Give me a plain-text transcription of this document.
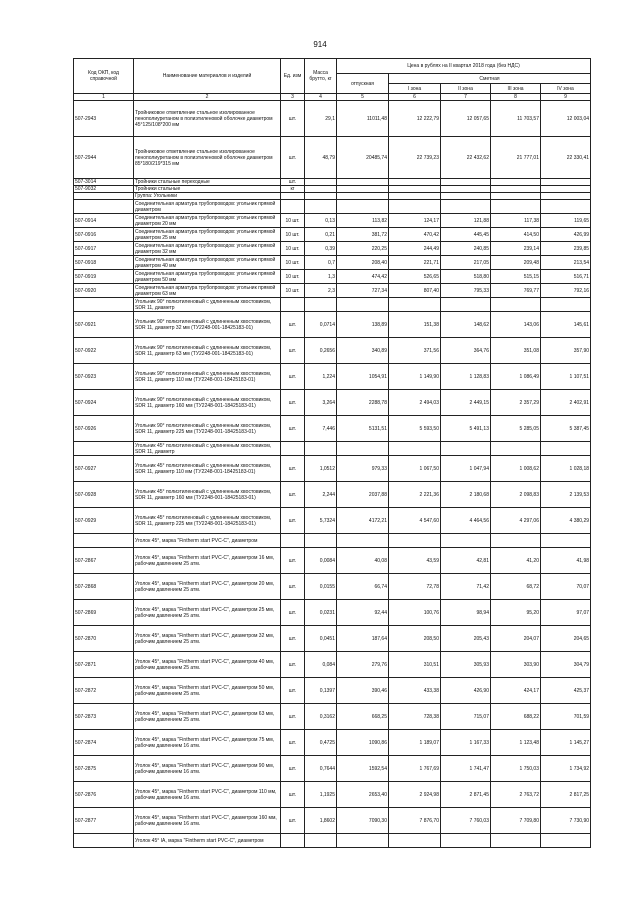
914
Код ОКП, код справочной	Наименование материалов и изделий	Ед. изм	Масса брутто, кг	Цена в рублях на II квартал 2018 года (без НДС)				
				отпускная	Сметная			
					I зона	II зона	III зона	IV зона
1	2	3	4	5	6	7	8	9
507-2943	Тройниковое ответвление стальное изолированное пенополиуретаном в полиэтиленовой оболочке диаметром 45°125/108*200 мм	шт.	29,1	11011,48	12 222,79	12 057,65	11 703,57	12 003,04
507-2944	Тройниковое ответвление стальное изолированное пенополиуретаном в полиэтиленовой оболочке диаметром 85*180/219*315 мм	шт.	48,79	20485,74	22 739,23	22 432,62	21 777,01	22 330,41
507-3014	Тройники стальные переходные	шт.						
507-9032	Тройники стальные	кг						
	Группа: Угольники							
	Соединительная арматура трубопроводов: угольник прямой диаметром							
507-0914	Соединительная арматура трубопроводов: угольник прямой диаметром 20 мм	10 шт.	0,13	113,82	124,17	121,88	117,38	119,65
507-0916	Соединительная арматура трубопроводов: угольник прямой диаметром 25 мм	10 шт.	0,21	381,72	470,42	445,45	414,50	426,99
507-0917	Соединительная арматура трубопроводов: угольник прямой диаметром 32 мм	10 шт.	0,39	220,25	244,49	240,85	239,14	239,85
507-0918	Соединительная арматура трубопроводов: угольник прямой диаметром 40 мм	10 шт.	0,7	208,40	221,71	217,05	209,48	213,54
507-0919	Соединительная арматура трубопроводов: угольник прямой диаметром 50 мм	10 шт.	1,3	474,42	526,65	518,80	515,15	516,71
507-0920	Соединительная арматура трубопроводов: угольник прямой диаметром 63 мм	10 шт.	2,3	727,34	807,40	795,33	769,77	792,16
	Угольник 90° полиэтиленовый с удлиненным хвостовиком, SDR 11, диаметр							
507-0921	Угольник 90° полиэтиленовый с удлиненным хвостовиком, SDR 11, диаметр 32 мм (ТУ2248-001-18425183-01)	шт.	0,0714	138,89	151,38	148,62	143,06	145,61
507-0922	Угольник 90° полиэтиленовый с удлиненным хвостовиком, SDR 11, диаметр 63 мм (ТУ2248-001-18425183-01)	шт.	0,2656	340,89	371,56	364,76	351,08	357,90
507-0923	Угольник 90° полиэтиленовый с удлиненным хвостовиком, SDR 11, диаметр 110 мм (ТУ2248-001-18425183-01)	шт.	1,224	1054,91	1 149,90	1 128,83	1 086,49	1 107,51
507-0924	Угольник 90° полиэтиленовый с удлиненным хвостовиком, SDR 11, диаметр 160 мм (ТУ2248-001-18425183-01)	шт.	3,264	2288,78	2 494,03	2 449,15	2 357,29	2 402,91
507-0926	Угольник 90° полиэтиленовый с удлиненным хвостовиком, SDR 11, диаметр 225 мм (ТУ2248-001-18425183-01)	шт.	7,446	5131,51	5 593,50	5 491,13	5 285,05	5 387,45
	Угольник 45° полиэтиленовый с удлиненным хвостовиком, SDR 11, диаметр							
507-0927	Угольник 45° полиэтиленовый с удлиненным хвостовиком, SDR 11, диаметр 110 мм (ТУ2248-001-18425183-01)	шт.	1,0512	979,33	1 067,50	1 047,94	1 008,62	1 028,18
507-0928	Угольник 45° полиэтиленовый с удлиненным хвостовиком, SDR 11, диаметр 160 мм (ТУ2248-001-18425183-01)	шт.	2,244	2037,88	2 221,36	2 180,68	2 098,83	2 139,53
507-0929	Угольник 45° полиэтиленовый с удлиненным хвостовиком, SDR 11, диаметр 225 мм (ТУ2248-001-18425183-01)	шт.	5,7324	4172,21	4 547,60	4 464,56	4 297,06	4 380,29
	Уголок 45°, марка "Fintherm start PVC-C", диаметром							
507-2867	Уголок 45°, марка "Fintherm start PVC-C", диаметром 16 мм, рабочим давлением 25 атм.	шт.	0,0084	40,08	43,59	42,81	41,20	41,98
507-2868	Уголок 45°, марка "Fintherm start PVC-C", диаметром 20 мм, рабочим давлением 25 атм.	шт.	0,0155	66,74	72,78	71,42	68,72	70,07
507-2869	Уголок 45°, марка "Fintherm start PVC-C", диаметром 25 мм, рабочим давлением 25 атм.	шт.	0,0231	92,44	100,76	98,94	95,20	97,07
507-2870	Уголок 45°, марка "Fintherm start PVC-C", диаметром 32 мм, рабочим давлением 25 атм.	шт.	0,0451	187,64	208,50	205,43	204,07	204,65
507-2871	Уголок 45°, марка "Fintherm start PVC-C", диаметром 40 мм, рабочим давлением 25 атм.	шт.	0,084	279,76	310,51	305,93	303,90	304,79
507-2872	Уголок 45°, марка "Fintherm start PVC-C", диаметром 50 мм, рабочим давлением 25 атм.	шт.	0,1397	390,46	433,38	426,90	424,17	425,37
507-2873	Уголок 45°, марка "Fintherm start PVC-C", диаметром 63 мм, рабочим давлением 25 атм.	шт.	0,3162	668,25	728,38	715,07	688,22	701,59
507-2874	Уголок 45°, марка "Fintherm start PVC-C", диаметром 75 мм, рабочим давлением 16 атм.	шт.	0,4725	1090,86	1 189,07	1 167,33	1 123,48	1 145,27
507-2875	Уголок 45°, марка "Fintherm start PVC-C", диаметром 90 мм, рабочим давлением 16 атм.	шт.	0,7644	1592,54	1 767,69	1 741,47	1 750,03	1 734,92
507-2876	Уголок 45°, марка "Fintherm start PVC-C", диаметром 110 мм, рабочим давлением 16 атм.	шт.	1,1925	2653,40	2 924,98	2 871,45	2 763,72	2 817,25
507-2877	Уголок 45°, марка "Fintherm start PVC-C", диаметром 160 мм, рабочим давлением 16 атм.	шт.	1,8602	7090,30	7 876,70	7 760,03	7 709,80	7 730,90
	Уголок 45° IA, марка "Fintherm start PVC-C", диаметром							
